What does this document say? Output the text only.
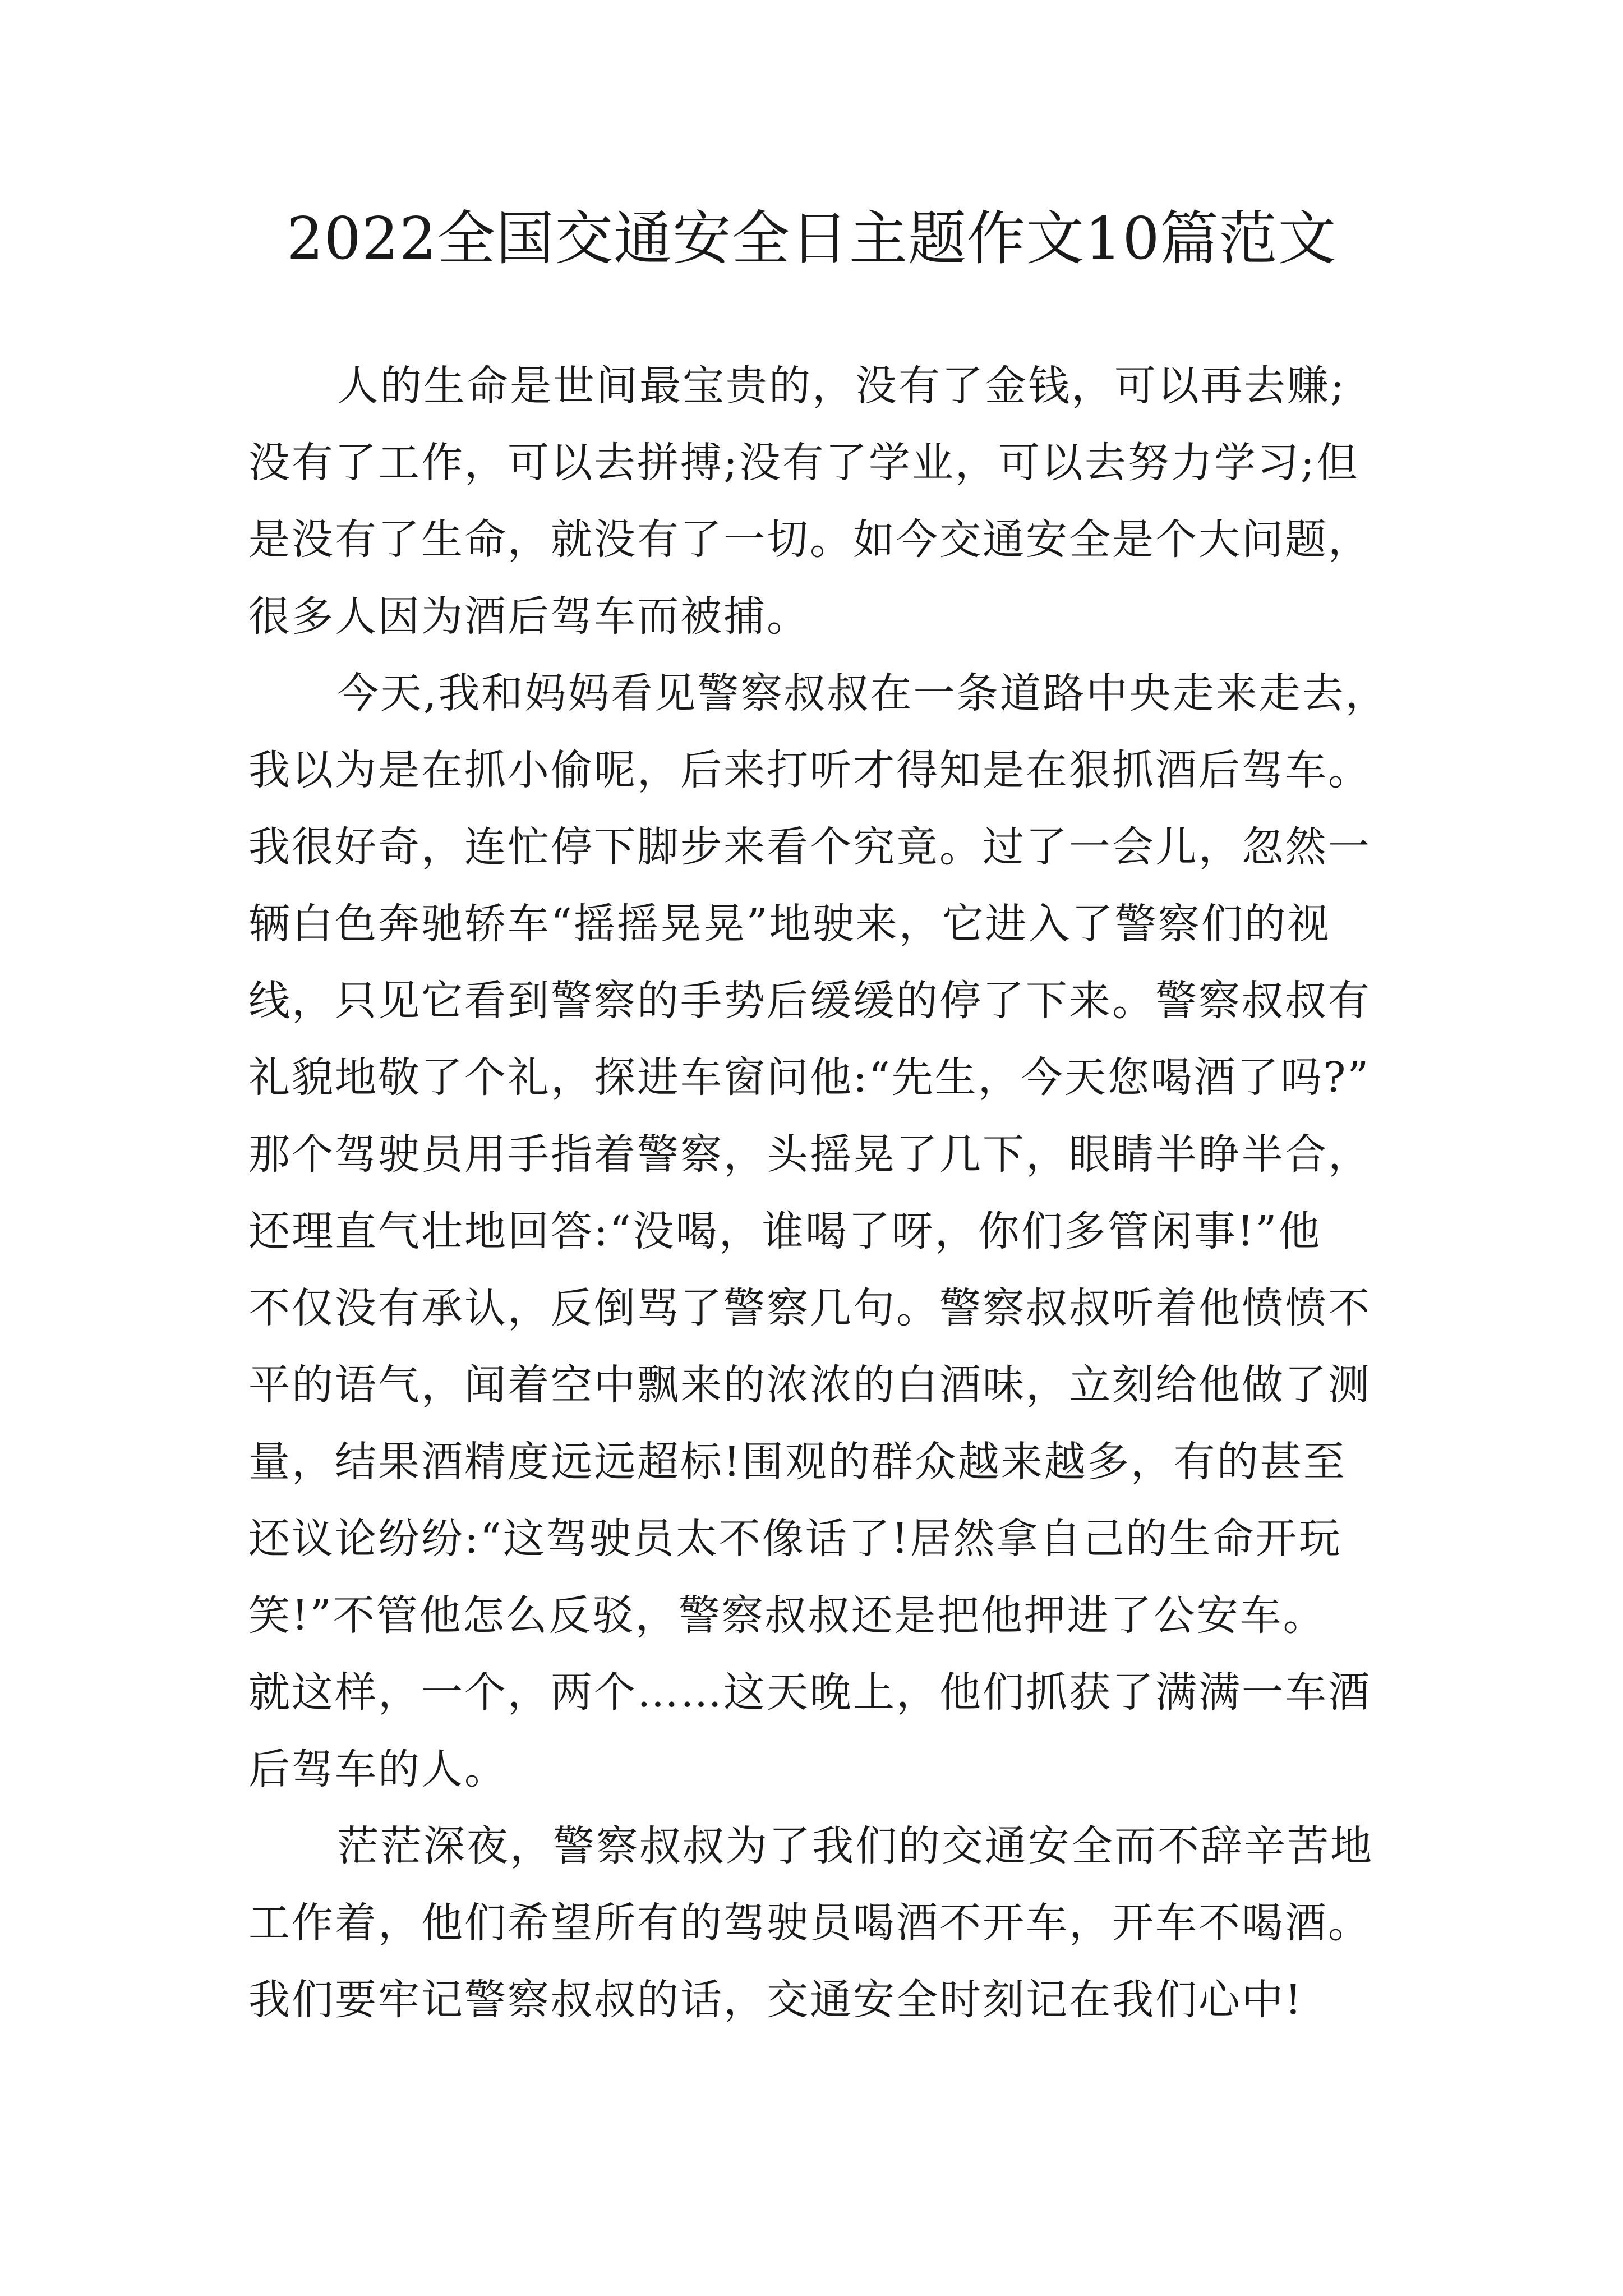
2022全国交通安全日主题作文10篇范文
人的生命是世间最宝贵的，没有了金钱，可以再去赚;
没有了工作，可以去拼搏;没有了学业，可以去努力学习;但
是没有了生命，就没有了一切。如今交通安全是个大问题，
很多人因为酒后驾车而被捕。
今天,我和妈妈看见警察叔叔在一条道路中央走来走去，
我以为是在抓小偷呢，后来打听才得知是在狠抓酒后驾车。
我很好奇，连忙停下脚步来看个究竟。过了一会儿，忽然一
辆白色奔驰轿车“摇摇晃晃”地驶来，它进入了警察们的视
线，只见它看到警察的手势后缓缓的停了下来。警察叔叔有
礼貌地敬了个礼，探进车窗问他:“先生，今天您喝酒了吗?”
那个驾驶员用手指着警察，头摇晃了几下，眼睛半睁半合，
还理直气壮地回答:“没喝，谁喝了呀，你们多管闲事!”他
不仅没有承认，反倒骂了警察几句。警察叔叔听着他愤愤不
平的语气，闻着空中飘来的浓浓的白酒味，立刻给他做了测
量，结果酒精度远远超标!围观的群众越来越多，有的甚至
还议论纷纷:“这驾驶员太不像话了!居然拿自己的生命开玩
笑!”不管他怎么反驳，警察叔叔还是把他押进了公安车。
就这样，一个，两个……这天晚上，他们抓获了满满一车酒
后驾车的人。
茫茫深夜，警察叔叔为了我们的交通安全而不辞辛苦地
工作着，他们希望所有的驾驶员喝酒不开车，开车不喝酒。
我们要牢记警察叔叔的话，交通安全时刻记在我们心中!
